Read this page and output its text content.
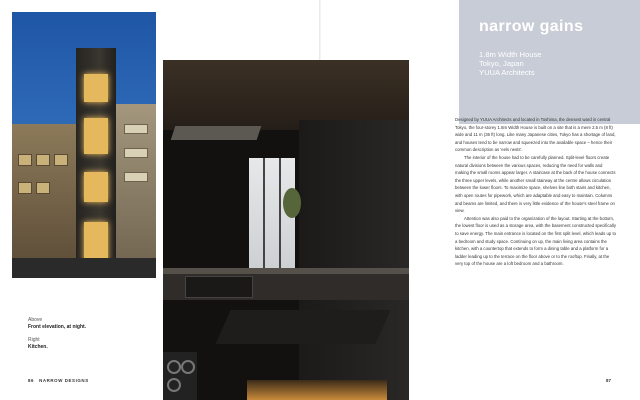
Above
Front elevation, at night.
Right
Kitchen.
86 NARROW DESIGNS
narrow gains
1.8m Width House
Tokyo, Japan
YUUA Architects

Designed by YUUA Architects and located in Toshima, the densest ward in central Tokyo, the four-storey 1.8m Width House is built on a site that is a mere 2.5 m (8 ft) wide and 11 m (36 ft) long. Like many Japanese cities, Tokyo has a shortage of land, and houses tend to be narrow and squeezed into the available space – hence their common description as 'eels nests'.

The interior of the house had to be carefully planned. Split-level floors create natural divisions between the various spaces, reducing the need for walls and making the small rooms appear larger. A staircase at the back of the house connects the three upper levels, while another small stairway at the centre allows circulation between the lower floors. To maximize space, shelves line both stairs and kitchen, with open routes for pipework, which are adaptable and easy to maintain. Columns and beams are limited, and there is very little evidence of the house's steel frame on view.

Attention was also paid to the organization of the layout. Starting at the bottom, the lowest floor is used as a storage area, with the basement constructed specifically to save energy. The main entrance is located on the first split level, which leads up to a bedroom and study space. Continuing on up, the main living area contains the kitchen, with a countertop that extends to form a dining table and a platform for a ladder leading up to the terrace on the floor above or to the rooftop. Finally, at the very top of the house are a loft bedroom and a bathroom.

87
